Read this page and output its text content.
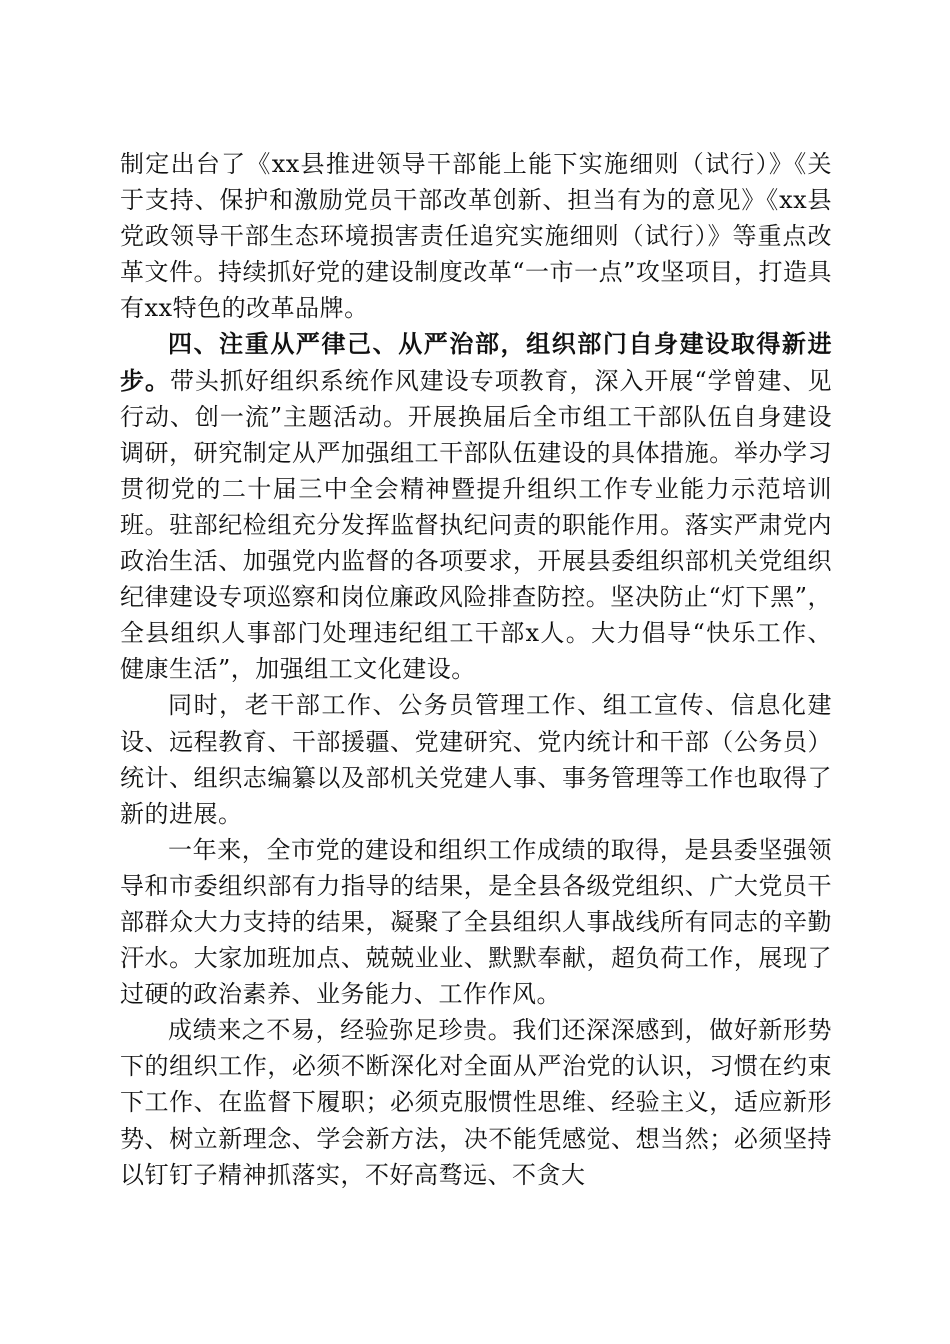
制定出台了《xx县推进领导干部能上能下实施细则（试行）》《关于支持、保护和激励党员干部改革创新、担当有为的意见》《xx县党政领导干部生态环境损害责任追究实施细则（试行）》等重点改革文件。持续抓好党的建设制度改革“一市一点”攻坚项目，打造具有xx特色的改革品牌。

四、注重从严律己、从严治部，组织部门自身建设取得新进步。带头抓好组织系统作风建设专项教育，深入开展“学曾建、见行动、创一流”主题活动。开展换届后全市组工干部队伍自身建设调研，研究制定从严加强组工干部队伍建设的具体措施。举办学习贯彻党的二十届三中全会精神暨提升组织工作专业能力示范培训班。驻部纪检组充分发挥监督执纪问责的职能作用。落实严肃党内政治生活、加强党内监督的各项要求，开展县委组织部机关党组织纪律建设专项巡察和岗位廉政风险排查防控。坚决防止“灯下黑”，全县组织人事部门处理违纪组工干部x人。大力倡导“快乐工作、健康生活”，加强组工文化建设。

同时，老干部工作、公务员管理工作、组工宣传、信息化建设、远程教育、干部援疆、党建研究、党内统计和干部（公务员）统计、组织志编纂以及部机关党建人事、事务管理等工作也取得了新的进展。

一年来，全市党的建设和组织工作成绩的取得，是县委坚强领导和市委组织部有力指导的结果，是全县各级党组织、广大党员干部群众大力支持的结果，凝聚了全县组织人事战线所有同志的辛勤汗水。大家加班加点、兢兢业业、默默奉献，超负荷工作，展现了过硬的政治素养、业务能力、工作作风。

成绩来之不易，经验弥足珍贵。我们还深深感到，做好新形势下的组织工作，必须不断深化对全面从严治党的认识，习惯在约束下工作、在监督下履职；必须克服惯性思维、经验主义，适应新形势、树立新理念、学会新方法，决不能凭感觉、想当然；必须坚持以钉钉子精神抓落实，不好高骛远、不贪大
